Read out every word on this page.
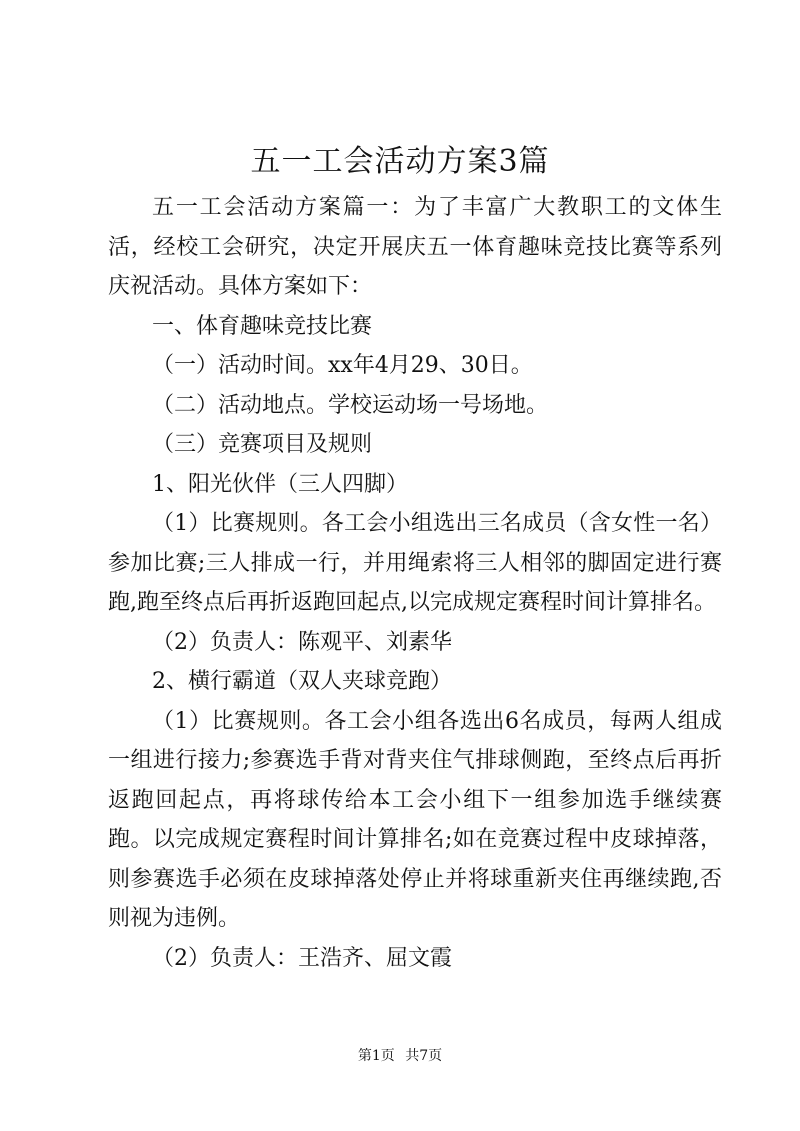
五一工会活动方案3篇

五一工会活动方案篇一：为了丰富广大教职工的文体生活，经校工会研究，决定开展庆五一体育趣味竞技比赛等系列庆祝活动。具体方案如下：

一、体育趣味竞技比赛

（一）活动时间。xx年4月29、30日。

（二）活动地点。学校运动场一号场地。

（三）竞赛项目及规则

1、阳光伙伴（三人四脚）

（1）比赛规则。各工会小组选出三名成员（含女性一名）参加比赛;三人排成一行，并用绳索将三人相邻的脚固定进行赛跑,跑至终点后再折返跑回起点,以完成规定赛程时间计算排名。

（2）负责人：陈观平、刘素华

2、横行霸道（双人夹球竞跑）

（1）比赛规则。各工会小组各选出6名成员，每两人组成一组进行接力;参赛选手背对背夹住气排球侧跑，至终点后再折返跑回起点，再将球传给本工会小组下一组参加选手继续赛跑。以完成规定赛程时间计算排名;如在竞赛过程中皮球掉落，则参赛选手必须在皮球掉落处停止并将球重新夹住再继续跑,否则视为违例。

（2）负责人：王浩齐、屈文霞

第1页 共7页
